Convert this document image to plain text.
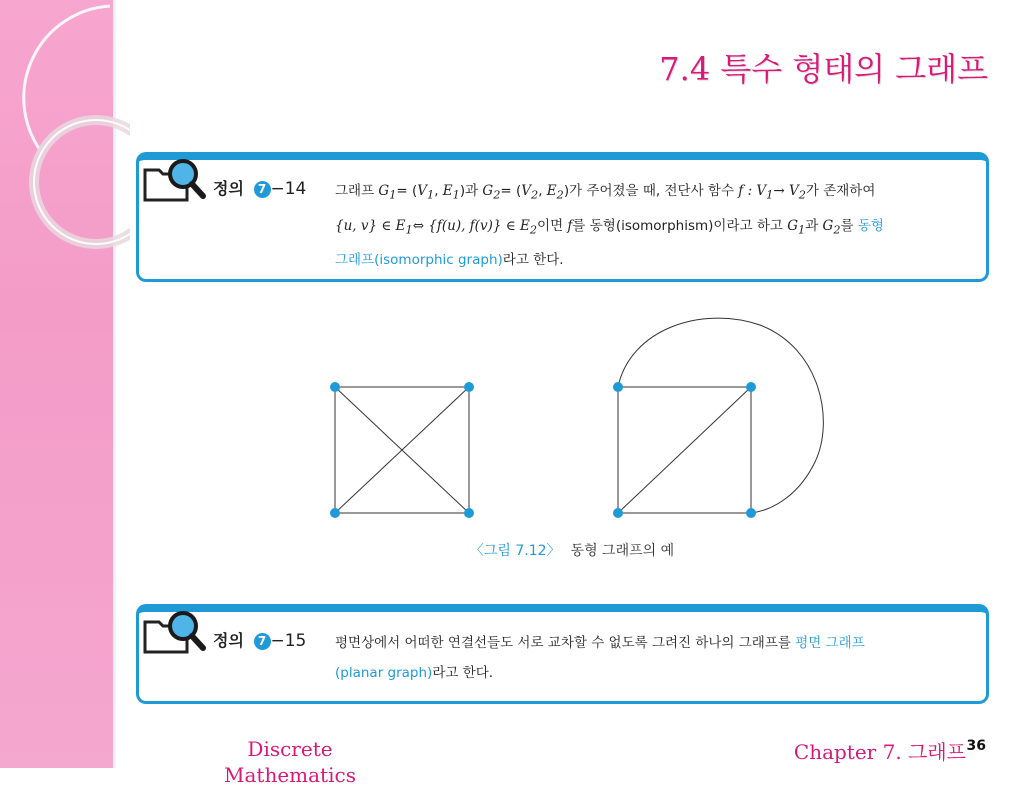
7.4 특수 형태의 그래프
정의 7 −14 그래프 $G_1= (V_1$, $E_1$)과 $G_2= (V_2$, $E_2$)가 주어졌을 때, 전단사 함수 f : $V_1\to V_2$가 존재하여
{u, v} ∈ $E_1\Leftrightarrow$ {f(u), f(v)} ∈ $E_2$이면 f를 동형(isomorphism)이라고 하고 $G_1$과 $G_2$를 동형
그래프(isomorphic graph)라고 한다.
〈그림 7.12〉 동형 그래프의 예
정의 7 −15 평면상에서 어떠한 연결선들도 서로 교차할 수 없도록 그려진 하나의 그래프를 평면 그래프
(planar graph)라고 한다.
Discrete
Mathematics
Chapter 7. 그래프 36
